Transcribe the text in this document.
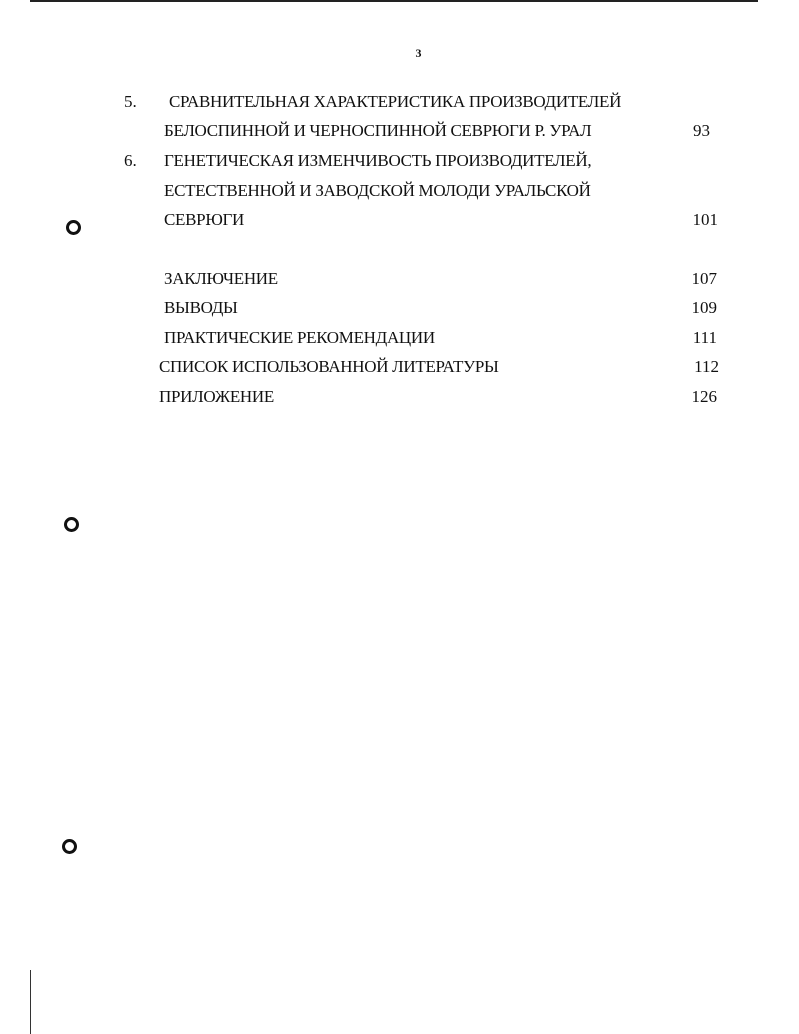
3
5. СРАВНИТЕЛЬНАЯ ХАРАКТЕРИСТИКА ПРОИЗВОДИТЕЛЕЙ
БЕЛОСПИННОЙ И ЧЕРНОСПИННОЙ СЕВРЮГИ Р. УРАЛ	93
6. ГЕНЕТИЧЕСКАЯ ИЗМЕНЧИВОСТЬ ПРОИЗВОДИТЕЛЕЙ,
ЕСТЕСТВЕННОЙ И ЗАВОДСКОЙ МОЛОДИ УРАЛЬСКОЙ
СЕВРЮГИ	101
ЗАКЛЮЧЕНИЕ	107
ВЫВОДЫ	109
ПРАКТИЧЕСКИЕ РЕКОМЕНДАЦИИ	111
СПИСОК ИСПОЛЬЗОВАННОЙ ЛИТЕРАТУРЫ	112
ПРИЛОЖЕНИЕ	126
